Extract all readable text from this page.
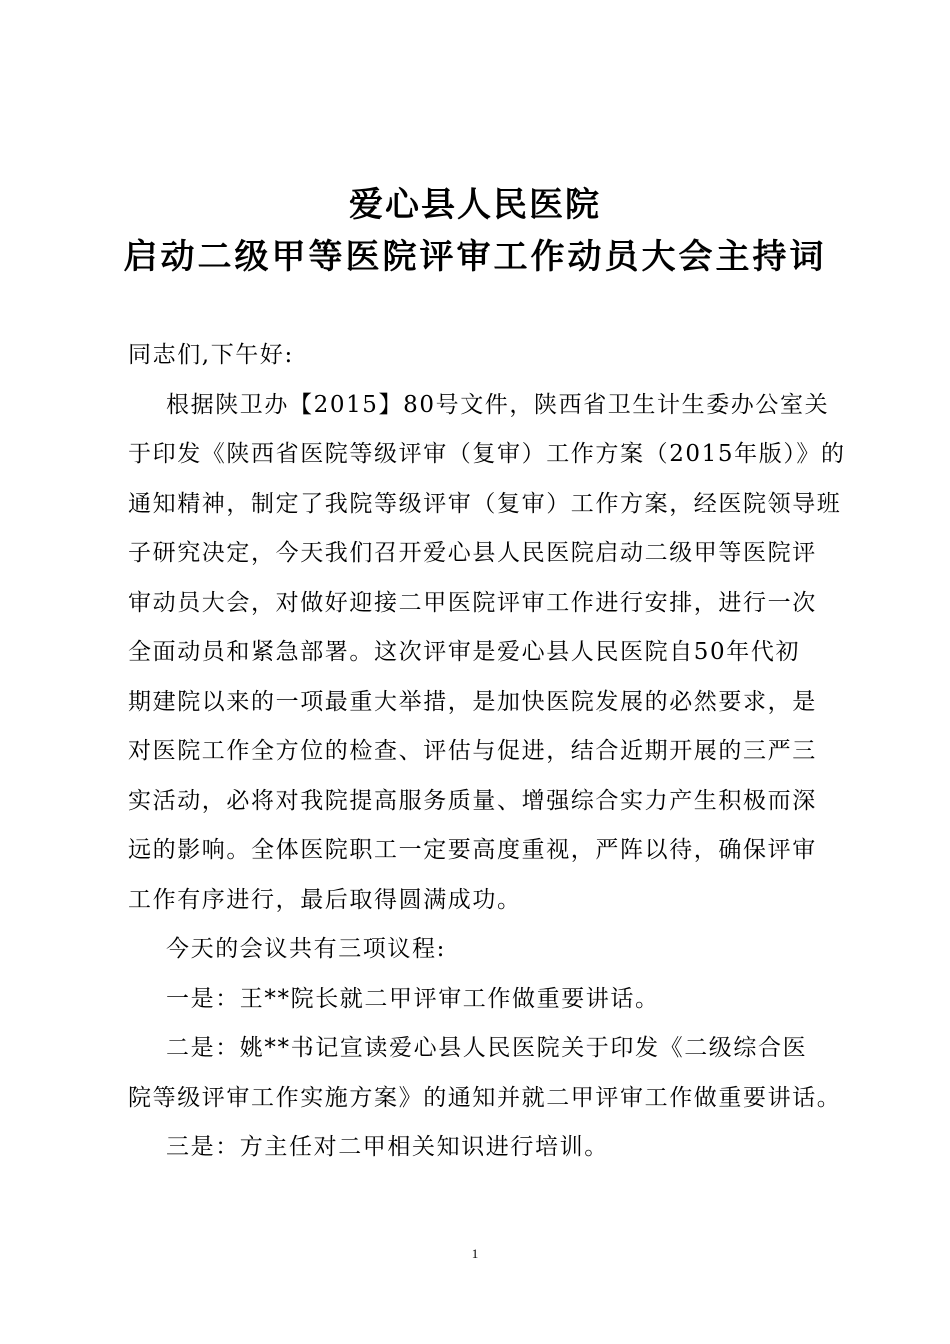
爱心县人民医院
启动二级甲等医院评审工作动员大会主持词
同志们,下午好:
根据陕卫办【2015】80号文件，陕西省卫生计生委办公室关
于印发《陕西省医院等级评审（复审）工作方案（2015年版）》的
通知精神，制定了我院等级评审（复审）工作方案，经医院领导班
子研究决定，今天我们召开爱心县人民医院启动二级甲等医院评
审动员大会，对做好迎接二甲医院评审工作进行安排，进行一次
全面动员和紧急部署。这次评审是爱心县人民医院自50年代初
期建院以来的一项最重大举措，是加快医院发展的必然要求，是
对医院工作全方位的检查、评估与促进，结合近期开展的三严三
实活动，必将对我院提高服务质量、增强综合实力产生积极而深
远的影响。全体医院职工一定要高度重视，严阵以待，确保评审
工作有序进行，最后取得圆满成功。
今天的会议共有三项议程:
一是：王**院长就二甲评审工作做重要讲话。
二是：姚**书记宣读爱心县人民医院关于印发《二级综合医
院等级评审工作实施方案》的通知并就二甲评审工作做重要讲话。
三是：方主任对二甲相关知识进行培训。
1
